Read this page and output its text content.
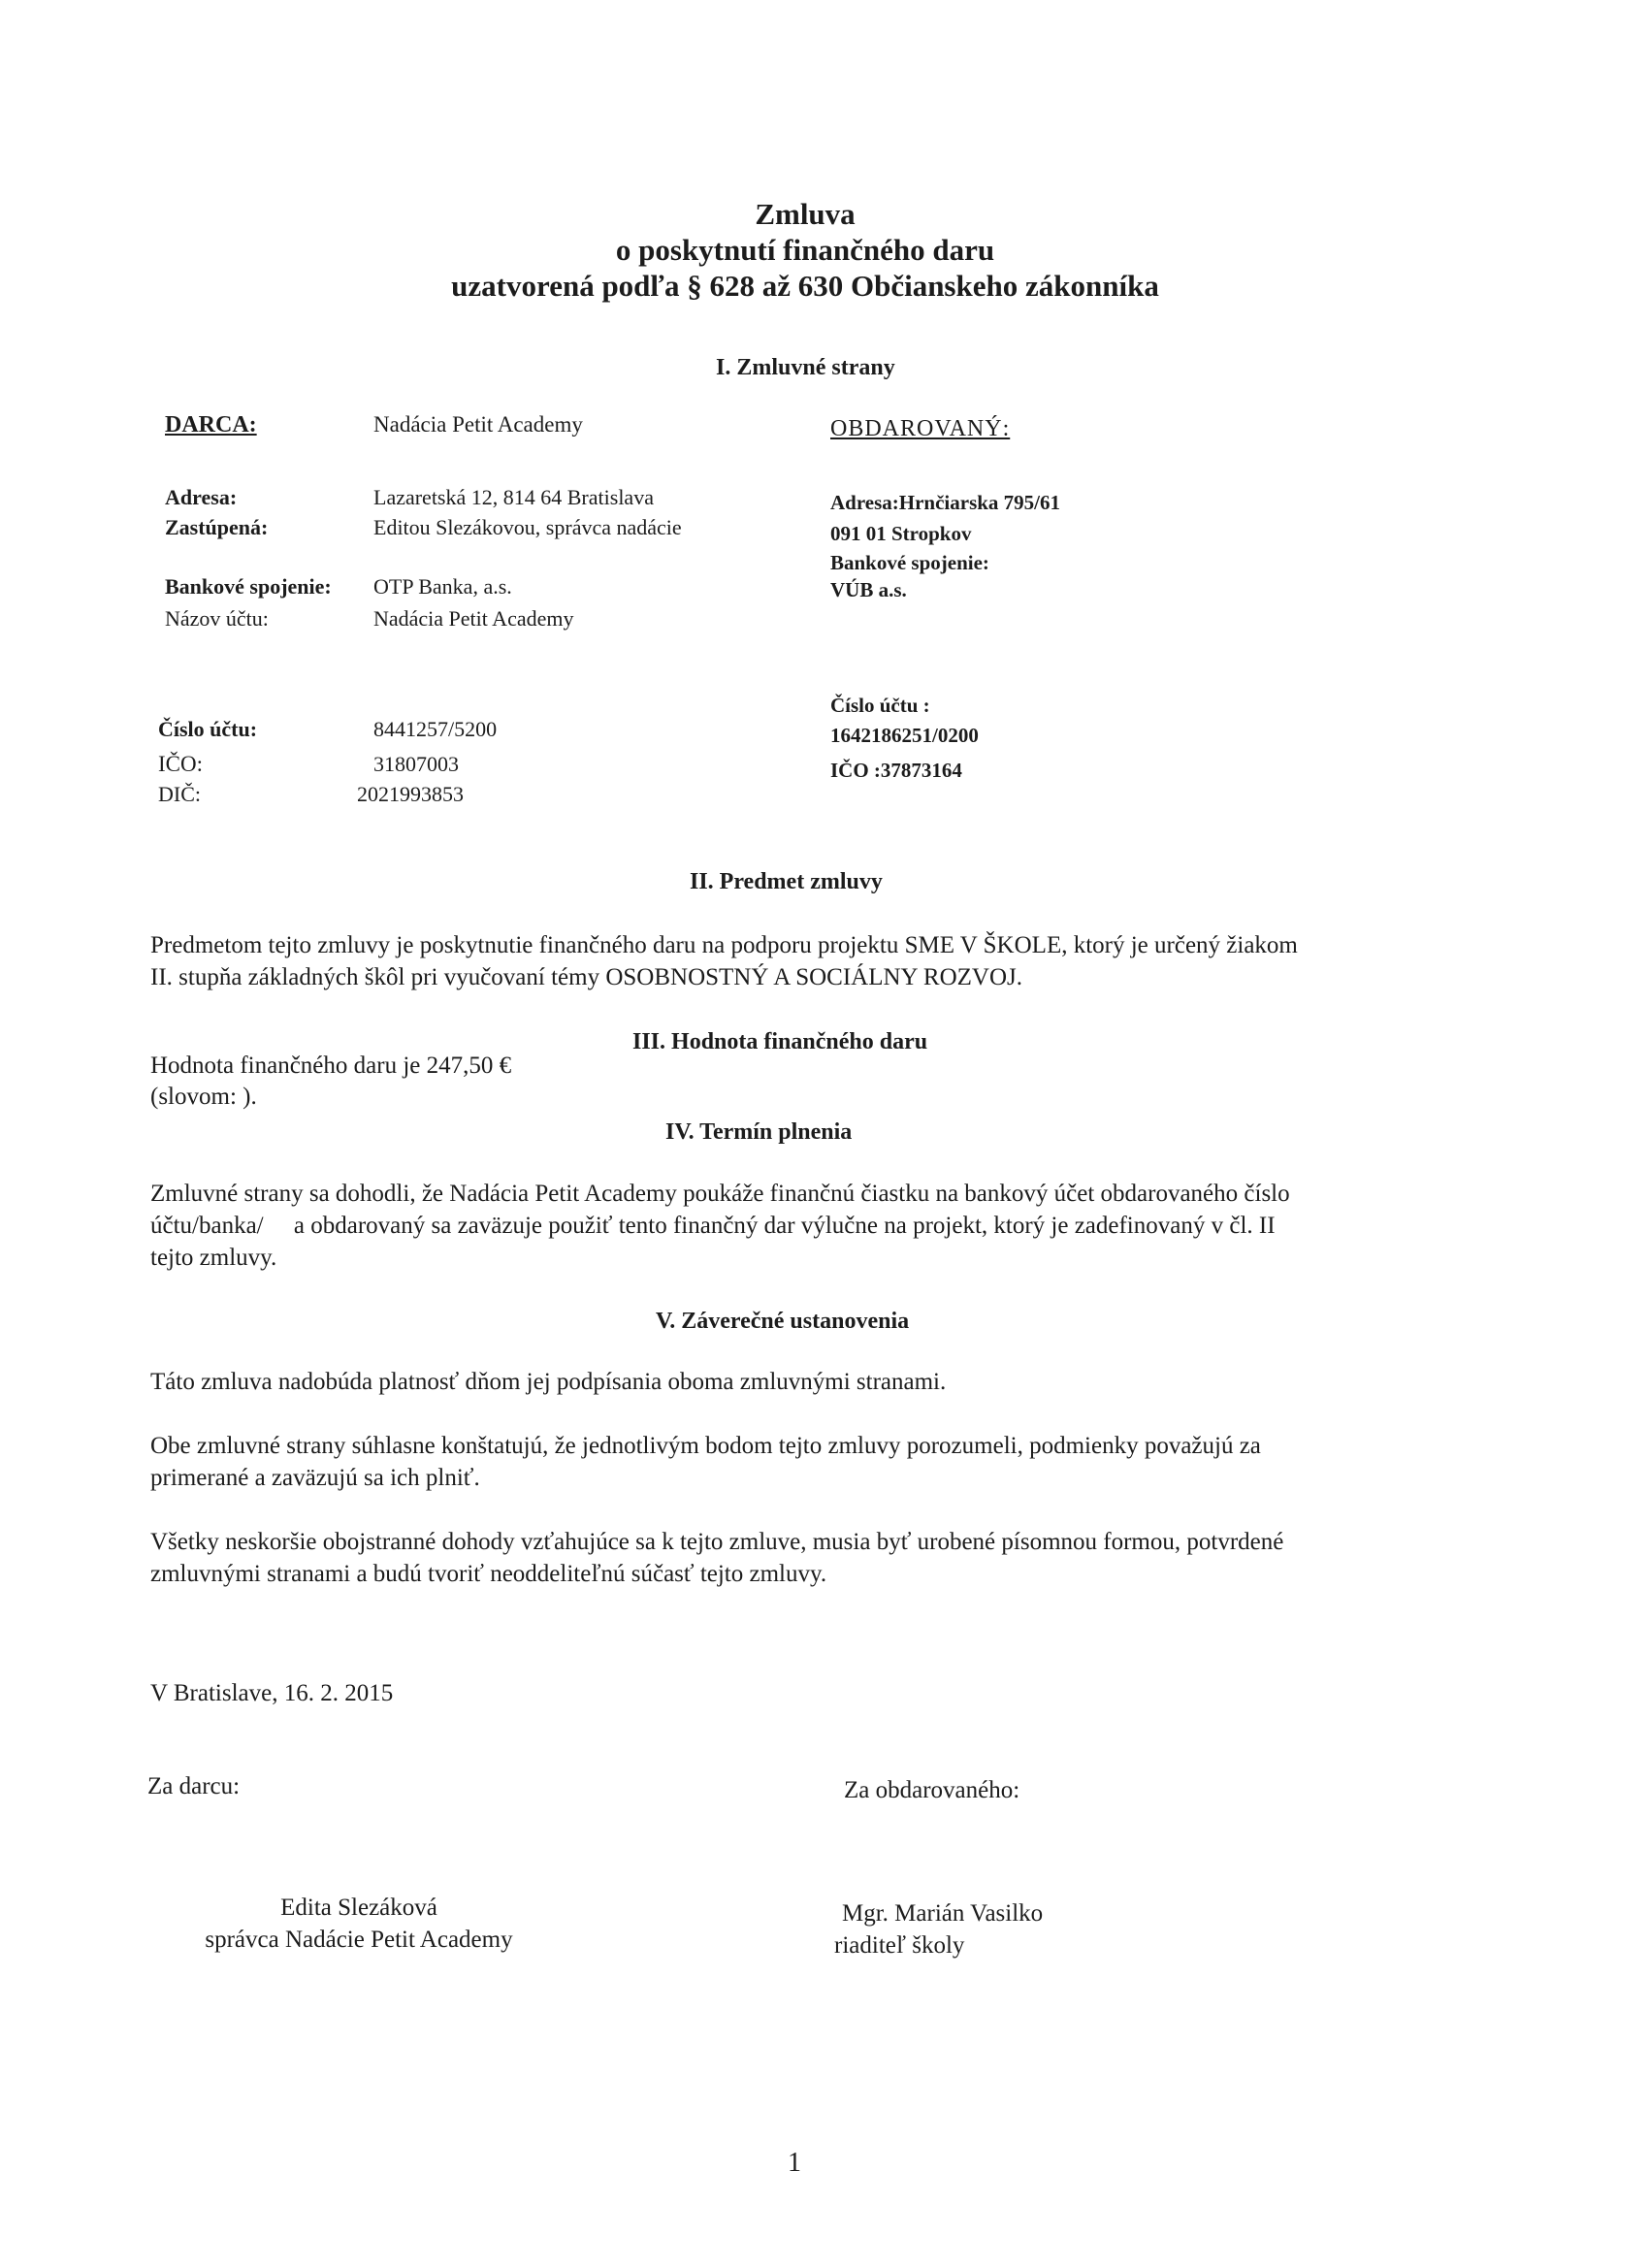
Zmluva
o poskytnutí finančného daru
uzatvorená podľa § 628 až 630 Občianskeho zákonníka
I. Zmluvné strany
DARCA:	Nadácia Petit Academy
Adresa:	Lazaretská 12, 814 64 Bratislava
Zastúpená:	Editou Slezákovou, správca nadácie
Bankové spojenie: OTP Banka, a.s.
Názov účtu:	Nadácia Petit Academy
Číslo účtu:	8441257/5200
IČO:	31807003
DIČ:	2021993853
OBDAROVANÝ:
Adresa:Hrnčiarska 795/61
091 01 Stropkov
Bankové spojenie:
VÚB a.s.
Číslo účtu :
1642186251/0200
IČO :37873164
II. Predmet zmluvy
Predmetom tejto zmluvy je poskytnutie finančného daru na podporu projektu SME V ŠKOLE, ktorý je určený žiakom
II. stupňa základných škôl pri vyučovaní témy OSOBNOSTNÝ A SOCIÁLNY ROZVOJ.
III. Hodnota finančného daru
Hodnota finančného daru je 247,50 €
(slovom: ).
IV. Termín plnenia
Zmluvné strany sa dohodli, že Nadácia Petit Academy poukáže finančnú čiastku na bankový účet obdarovaného číslo
účtu/banka/     a obdarovaný sa zaväzuje použiť tento finančný dar výlučne na projekt, ktorý je zadefinovaný v čl. II
tejto zmluvy.
V. Záverečné ustanovenia
Táto zmluva nadobúda platnosť dňom jej podpísania oboma zmluvnými stranami.
Obe zmluvné strany súhlasne konštatujú, že jednotlivým bodom tejto zmluvy porozumeli, podmienky považujú za
primerané a zaväzujú sa ich plniť.
Všetky neskoršie obojstranné dohody vzťahujúce sa k tejto zmluve, musia byť urobené písomnou formou, potvrdené
zmluvnými stranami a budú tvoriť neoddeliteľnú súčasť tejto zmluvy.
V Bratislave, 16. 2. 2015
Za darcu:	Za obdarovaného:
Edita Slezáková
správca Nadácie Petit Academy
Mgr. Marián Vasilko
riaditeľ školy
1
